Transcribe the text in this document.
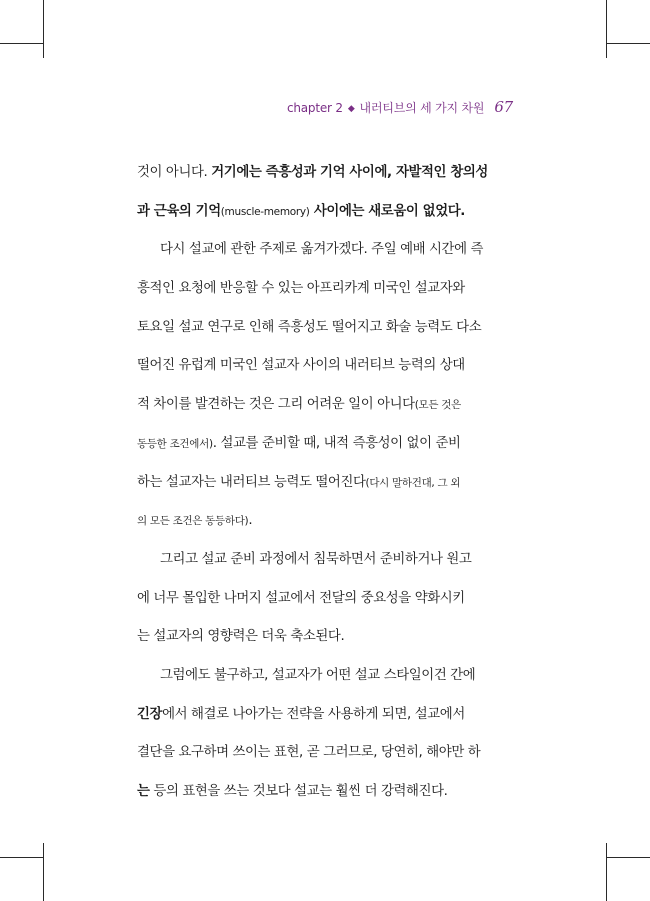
chapter 2 ◆ 내러티브의 세 가지 차원 67
것이 아니다. 거기에는 즉흥성과 기억 사이에, 자발적인 창의성
과 근육의 기억(muscle-memory) 사이에는 새로움이 없었다.
다시 설교에 관한 주제로 옮겨가겠다. 주일 예배 시간에 즉
흥적인 요청에 반응할 수 있는 아프리카계 미국인 설교자와
토요일 설교 연구로 인해 즉흥성도 떨어지고 화술 능력도 다소
떨어진 유럽계 미국인 설교자 사이의 내러티브 능력의 상대
적 차이를 발견하는 것은 그리 어려운 일이 아니다(모든 것은
동등한 조건에서). 설교를 준비할 때, 내적 즉흥성이 없이 준비
하는 설교자는 내러티브 능력도 떨어진다(다시 말하건대, 그 외
의 모든 조건은 동등하다).
그리고 설교 준비 과정에서 침묵하면서 준비하거나 원고
에 너무 몰입한 나머지 설교에서 전달의 중요성을 약화시키
는 설교자의 영향력은 더욱 축소된다.
그럼에도 불구하고, 설교자가 어떤 설교 스타일이건 간에
긴장에서 해결로 나아가는 전략을 사용하게 되면, 설교에서
결단을 요구하며 쓰이는 표현, 곧 그러므로, 당연히, 해야만 하
는 등의 표현을 쓰는 것보다 설교는 훨씬 더 강력해진다.
